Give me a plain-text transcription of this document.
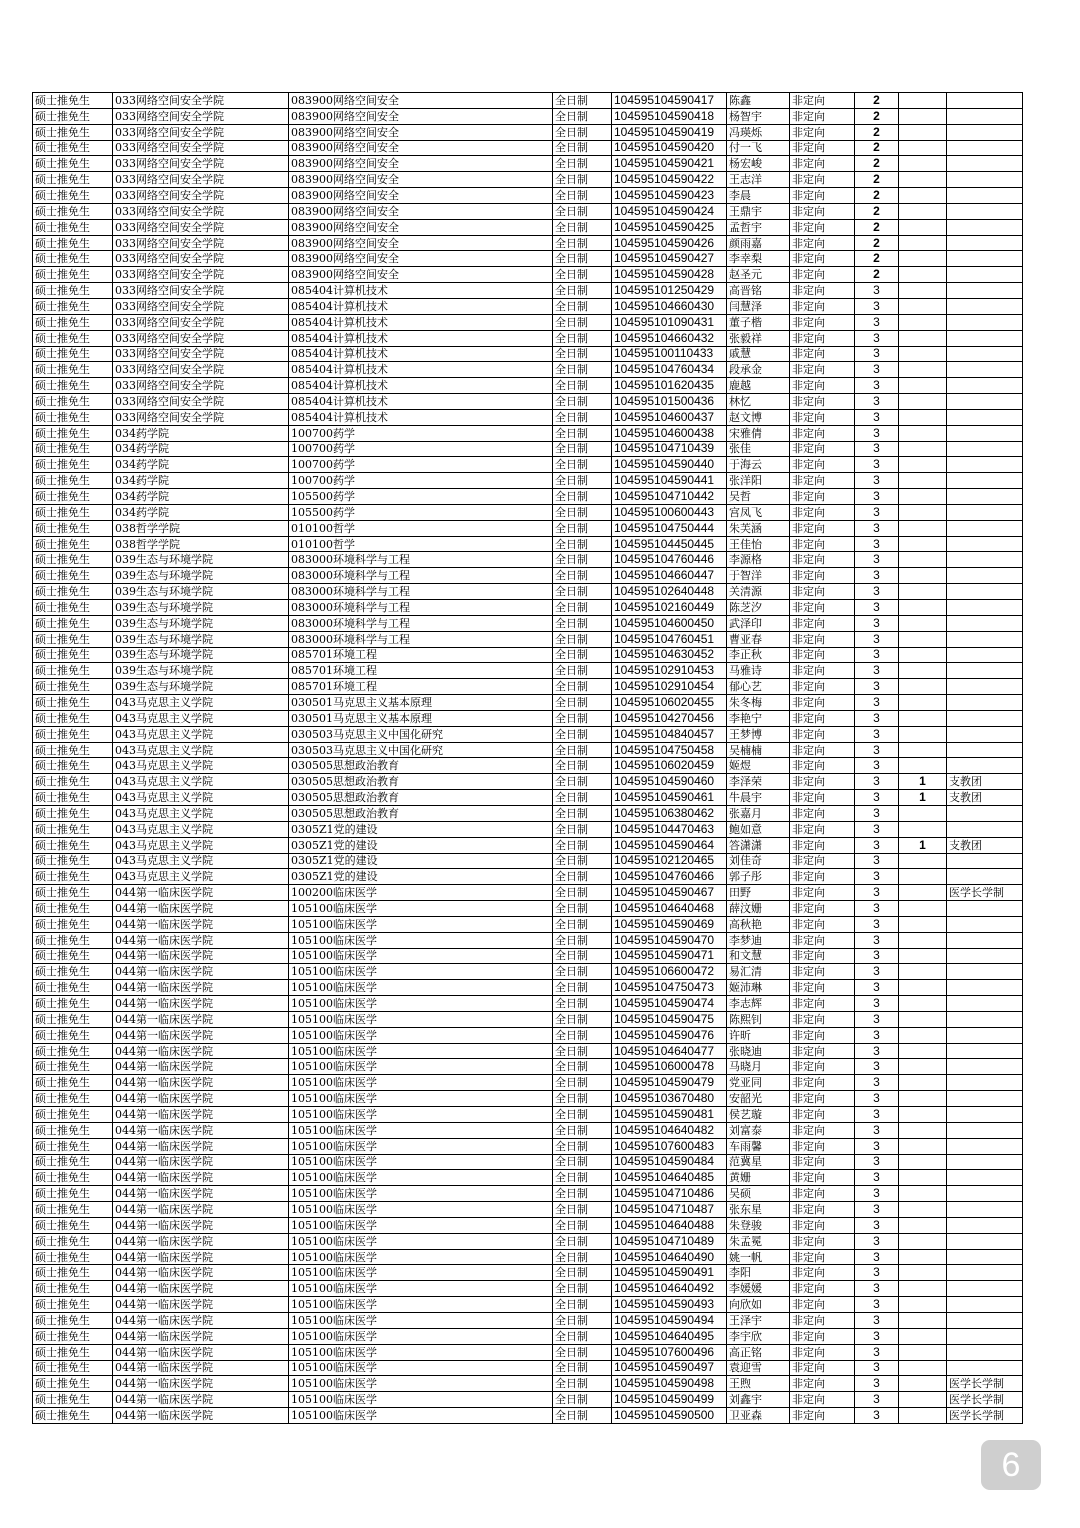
硕士推免生	033网络空间安全学院	083900网络空间安全	全日制	104595104590417	陈鑫	非定向	2		
硕士推免生	033网络空间安全学院	083900网络空间安全	全日制	104595104590418	杨智宇	非定向	2		
硕士推免生	033网络空间安全学院	083900网络空间安全	全日制	104595104590419	冯瑛烁	非定向	2		
硕士推免生	033网络空间安全学院	083900网络空间安全	全日制	104595104590420	付一飞	非定向	2		
硕士推免生	033网络空间安全学院	083900网络空间安全	全日制	104595104590421	杨宏峻	非定向	2		
硕士推免生	033网络空间安全学院	083900网络空间安全	全日制	104595104590422	王志洋	非定向	2		
硕士推免生	033网络空间安全学院	083900网络空间安全	全日制	104595104590423	李晨	非定向	2		
硕士推免生	033网络空间安全学院	083900网络空间安全	全日制	104595104590424	王鼎宇	非定向	2		
硕士推免生	033网络空间安全学院	083900网络空间安全	全日制	104595104590425	孟哲宇	非定向	2		
硕士推免生	033网络空间安全学院	083900网络空间安全	全日制	104595104590426	颜雨嘉	非定向	2		
硕士推免生	033网络空间安全学院	083900网络空间安全	全日制	104595104590427	李幸梨	非定向	2		
硕士推免生	033网络空间安全学院	083900网络空间安全	全日制	104595104590428	赵圣元	非定向	2		
硕士推免生	033网络空间安全学院	085404计算机技术	全日制	104595101250429	高晋铭	非定向	3		
硕士推免生	033网络空间安全学院	085404计算机技术	全日制	104595104660430	闫慧泽	非定向	3		
硕士推免生	033网络空间安全学院	085404计算机技术	全日制	104595101090431	董子楷	非定向	3		
硕士推免生	033网络空间安全学院	085404计算机技术	全日制	104595104660432	张毅祥	非定向	3		
硕士推免生	033网络空间安全学院	085404计算机技术	全日制	104595100110433	戚慧	非定向	3		
硕士推免生	033网络空间安全学院	085404计算机技术	全日制	104595104760434	段承金	非定向	3		
硕士推免生	033网络空间安全学院	085404计算机技术	全日制	104595101620435	鹿越	非定向	3		
硕士推免生	033网络空间安全学院	085404计算机技术	全日制	104595101500436	林忆	非定向	3		
硕士推免生	033网络空间安全学院	085404计算机技术	全日制	104595104600437	赵文博	非定向	3		
硕士推免生	034药学院	100700药学	全日制	104595104600438	宋雅倩	非定向	3		
硕士推免生	034药学院	100700药学	全日制	104595104710439	张佳	非定向	3		
硕士推免生	034药学院	100700药学	全日制	104595104590440	于海云	非定向	3		
硕士推免生	034药学院	100700药学	全日制	104595104590441	张洋阳	非定向	3		
硕士推免生	034药学院	105500药学	全日制	104595104710442	吴哲	非定向	3		
硕士推免生	034药学院	105500药学	全日制	104595100600443	宫凤飞	非定向	3		
硕士推免生	038哲学学院	010100哲学	全日制	104595104750444	朱芙涵	非定向	3		
硕士推免生	038哲学学院	010100哲学	全日制	104595104450445	王佳怡	非定向	3		
硕士推免生	039生态与环境学院	083000环境科学与工程	全日制	104595104760446	李源格	非定向	3		
硕士推免生	039生态与环境学院	083000环境科学与工程	全日制	104595104660447	于智洋	非定向	3		
硕士推免生	039生态与环境学院	083000环境科学与工程	全日制	104595102640448	关清源	非定向	3		
硕士推免生	039生态与环境学院	083000环境科学与工程	全日制	104595102160449	陈芝汐	非定向	3		
硕士推免生	039生态与环境学院	083000环境科学与工程	全日制	104595104600450	武泽印	非定向	3		
硕士推免生	039生态与环境学院	083000环境科学与工程	全日制	104595104760451	曹亚春	非定向	3		
硕士推免生	039生态与环境学院	085701环境工程	全日制	104595104630452	李正秋	非定向	3		
硕士推免生	039生态与环境学院	085701环境工程	全日制	104595102910453	马雅诗	非定向	3		
硕士推免生	039生态与环境学院	085701环境工程	全日制	104595102910454	郁心艺	非定向	3		
硕士推免生	043马克思主义学院	030501马克思主义基本原理	全日制	104595106020455	朱冬梅	非定向	3		
硕士推免生	043马克思主义学院	030501马克思主义基本原理	全日制	104595104270456	李艳宁	非定向	3		
硕士推免生	043马克思主义学院	030503马克思主义中国化研究	全日制	104595104840457	王梦博	非定向	3		
硕士推免生	043马克思主义学院	030503马克思主义中国化研究	全日制	104595104750458	吴楠楠	非定向	3		
硕士推免生	043马克思主义学院	030505思想政治教育	全日制	104595106020459	姬煜	非定向	3		
硕士推免生	043马克思主义学院	030505思想政治教育	全日制	104595104590460	李泽荣	非定向	3	1	支教团
硕士推免生	043马克思主义学院	030505思想政治教育	全日制	104595104590461	牛晨宇	非定向	3	1	支教团
硕士推免生	043马克思主义学院	030505思想政治教育	全日制	104595106380462	张嘉月	非定向	3		
硕士推免生	043马克思主义学院	0305Z1党的建设	全日制	104595104470463	鲍如意	非定向	3		
硕士推免生	043马克思主义学院	0305Z1党的建设	全日制	104595104590464	答潇潇	非定向	3	1	支教团
硕士推免生	043马克思主义学院	0305Z1党的建设	全日制	104595102120465	刘佳奇	非定向	3		
硕士推免生	043马克思主义学院	0305Z1党的建设	全日制	104595104760466	郭子彤	非定向	3		
硕士推免生	044第一临床医学院	100200临床医学	全日制	104595104590467	田野	非定向	3		医学长学制
硕士推免生	044第一临床医学院	105100临床医学	全日制	104595104640468	薛汶姗	非定向	3		
硕士推免生	044第一临床医学院	105100临床医学	全日制	104595104590469	高秋艳	非定向	3		
硕士推免生	044第一临床医学院	105100临床医学	全日制	104595104590470	李梦迪	非定向	3		
硕士推免生	044第一临床医学院	105100临床医学	全日制	104595104590471	和文慧	非定向	3		
硕士推免生	044第一临床医学院	105100临床医学	全日制	104595106600472	易汇清	非定向	3		
硕士推免生	044第一临床医学院	105100临床医学	全日制	104595104750473	姬沛琳	非定向	3		
硕士推免生	044第一临床医学院	105100临床医学	全日制	104595104590474	李志辉	非定向	3		
硕士推免生	044第一临床医学院	105100临床医学	全日制	104595104590475	陈熙钊	非定向	3		
硕士推免生	044第一临床医学院	105100临床医学	全日制	104595104590476	许昕	非定向	3		
硕士推免生	044第一临床医学院	105100临床医学	全日制	104595104640477	张晓迪	非定向	3		
硕士推免生	044第一临床医学院	105100临床医学	全日制	104595106000478	马晓月	非定向	3		
硕士推免生	044第一临床医学院	105100临床医学	全日制	104595104590479	党亚同	非定向	3		
硕士推免生	044第一临床医学院	105100临床医学	全日制	104595103670480	安韶光	非定向	3		
硕士推免生	044第一临床医学院	105100临床医学	全日制	104595104590481	侯艺璇	非定向	3		
硕士推免生	044第一临床医学院	105100临床医学	全日制	104595104640482	刘富泰	非定向	3		
硕士推免生	044第一临床医学院	105100临床医学	全日制	104595107600483	车雨馨	非定向	3		
硕士推免生	044第一临床医学院	105100临床医学	全日制	104595104590484	范冀星	非定向	3		
硕士推免生	044第一临床医学院	105100临床医学	全日制	104595104640485	黄姗	非定向	3		
硕士推免生	044第一临床医学院	105100临床医学	全日制	104595104710486	吴硕	非定向	3		
硕士推免生	044第一临床医学院	105100临床医学	全日制	104595104710487	张东星	非定向	3		
硕士推免生	044第一临床医学院	105100临床医学	全日制	104595104640488	朱登骏	非定向	3		
硕士推免生	044第一临床医学院	105100临床医学	全日制	104595104710489	朱孟冕	非定向	3		
硕士推免生	044第一临床医学院	105100临床医学	全日制	104595104640490	姚一帆	非定向	3		
硕士推免生	044第一临床医学院	105100临床医学	全日制	104595104590491	李阳	非定向	3		
硕士推免生	044第一临床医学院	105100临床医学	全日制	104595104640492	李媛媛	非定向	3		
硕士推免生	044第一临床医学院	105100临床医学	全日制	104595104590493	向欣如	非定向	3		
硕士推免生	044第一临床医学院	105100临床医学	全日制	104595104590494	王泽宇	非定向	3		
硕士推免生	044第一临床医学院	105100临床医学	全日制	104595104640495	李宇欣	非定向	3		
硕士推免生	044第一临床医学院	105100临床医学	全日制	104595107600496	高正铭	非定向	3		
硕士推免生	044第一临床医学院	105100临床医学	全日制	104595104590497	袁迎雪	非定向	3		
硕士推免生	044第一临床医学院	105100临床医学	全日制	104595104590498	王煦	非定向	3		医学长学制
硕士推免生	044第一临床医学院	105100临床医学	全日制	104595104590499	刘鑫宇	非定向	3		医学长学制
硕士推免生	044第一临床医学院	105100临床医学	全日制	104595104590500	卫亚森	非定向	3		医学长学制
6
